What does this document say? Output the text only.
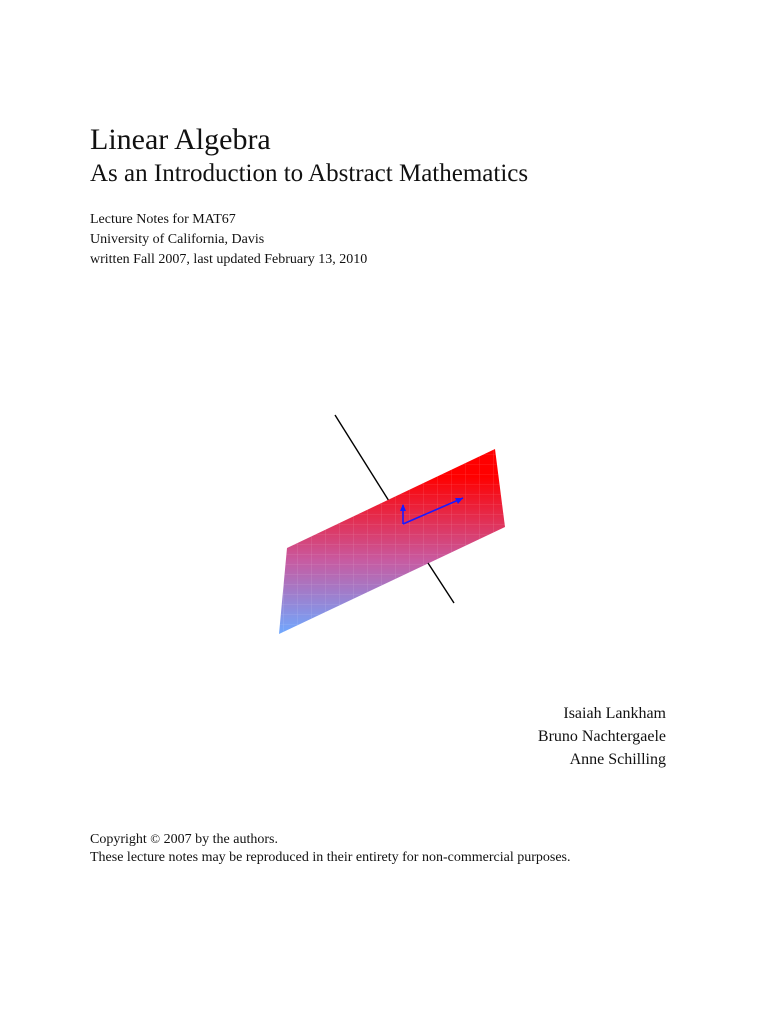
Linear Algebra
As an Introduction to Abstract Mathematics
Lecture Notes for MAT67
University of California, Davis
written Fall 2007, last updated February 13, 2010
Isaiah Lankham
Bruno Nachtergaele
Anne Schilling
Copyright © 2007 by the authors.
These lecture notes may be reproduced in their entirety for non-commercial purposes.
